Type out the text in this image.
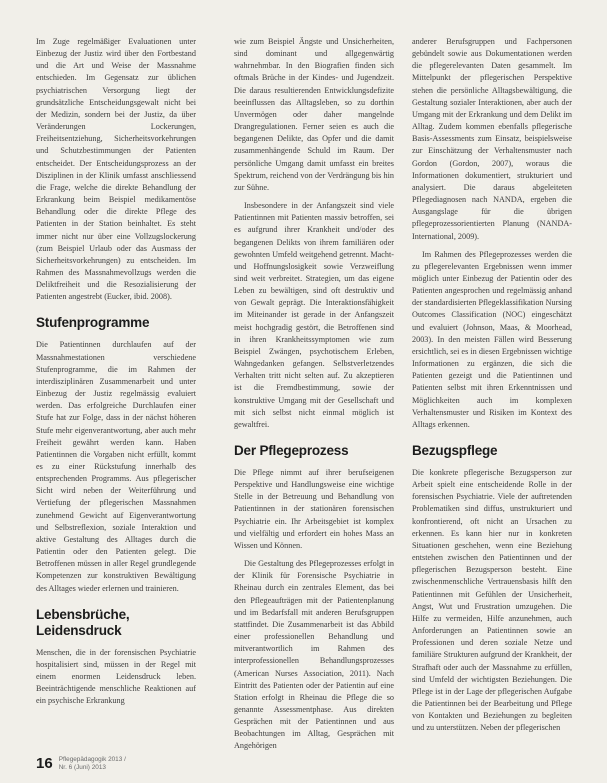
Im Zuge regelmäßiger Evaluationen unter Einbezug der Justiz wird über den Fortbestand und die Art und Weise der Massnahme entschieden. Im Gegensatz zur üblichen psychiatrischen Versorgung liegt der grundsätzliche Entscheidungsgewalt nicht bei der Medizin, sondern bei der Justiz, da über Veränderungen Lockerungen, Freiheitsentziehung, Sicherheitsvorkehrungen und Schutzbestimmungen der Patienten entscheidet. Der Entscheidungsprozess an der Disziplinen in der Klinik umfasst anschliessend die Frage, welche die direkte Behandlung der Erkrankung beim Beispiel medikamentöse Behandlung oder die direkte Pflege des Patienten in der Station beinhaltet. Es steht immer nicht nur über eine Vollzugslockerung (zum Beispiel Urlaub oder das Ausmass der Sicherheitsvorkehrungen) zu entscheiden. Im Rahmen des Massnahmevollzugs werden die Deliktfreiheit und die Resozialisierung der Patienten angestrebt (Eucker, ibid. 2008).

Stufenprogramme

Die Patientinnen durchlaufen auf der Massnahmestationen verschiedene Stufenprogramme, die im Rahmen der interdisziplinären Zusammenarbeit und unter Einbezug der Justiz regelmässig evaluiert werden. Das erfolgreiche Durchlaufen einer Stufe hat zur Folge, dass in der nächst höheren Stufe mehr eigenverantwortung, aber auch mehr Freiheit gewährt werden kann. Haben Patientinnen die Vorgaben nicht erfüllt, kommt es zu einer Rückstufung innerhalb des entsprechenden Programms. Aus pflegerischer Sicht wird neben der Weiterführung und Vertiefung der pflegerischen Massnahmen zunehmend Gewicht auf Eigenverantwortung und Selbstreflexion, soziale Interaktion und aktive Gestaltung des Alltages durch die Patientin oder den Patienten gelegt. Die Betroffenen müssen in aller Regel grundlegende Kompetenzen zur konstruktiven Bewältigung des Alltages wieder erlernen und trainieren.

Lebensbrüche, Leidensdruck

Menschen, die in der forensischen Psychiatrie hospitalisiert sind, müssen in der Regel mit einem enormen Leidensdruck leben. Beeinträchtigende menschliche Reaktionen auf ein psychische Erkrankung

wie zum Beispiel Ängste und Unsicherheiten, sind dominant und allgegenwärtig wahrnehmbar. In den Biografien finden sich oftmals Brüche in der Kindes- und Jugendzeit. Die daraus resultierenden Entwicklungsdefizite beeinflussen das Alltagsleben, so zu dorthin Unvermögen oder daher mangelnde Drangregulationen. Ferner seien es auch die begangenen Delikte, das Opfer und die damit zusammenhängende Schuld im Raum. Der persönliche Umgang damit umfasst ein breites Spektrum, reichend von der Verdrängung bis hin zur Sühne.

Insbesondere in der Anfangszeit sind viele Patientinnen mit Patienten massiv betroffen, sei es aufgrund ihrer Krankheit und/oder des begangenen Delikts von ihrem familiären oder gewohnten Umfeld weitgehend getrennt. Macht- und Hoffnungslosigkeit sowie Verzweiflung sind weit verbreitet. Strategien, um das eigene Leben zu bewältigen, sind oft destruktiv und von Gewalt geprägt. Die Interaktionsfähigkeit im Miteinander ist gerade in der Anfangszeit meist hochgradig gestört, die Betroffenen sind in ihren Krankheitssymptomen wie zum Beispiel Zwängen, psychotischem Erleben, Wahngedanken gefangen. Selbstverletzendes Verhalten tritt nicht selten auf. Zu akzeptieren ist die Fremdbestimmung, sowie der konstruktive Umgang mit der Gesellschaft und mit sich selbst nicht einmal möglich ist gewaltfrei.

Der Pflegeprozess

Die Pflege nimmt auf ihrer berufseigenen Perspektive und Handlungsweise eine wichtige Stelle in der Betreuung und Behandlung von Patientinnen in der stationären forensischen Psychiatrie ein. Ihr Arbeitsgebiet ist komplex und vielfältig und erfordert ein hohes Mass an Wissen und Können.

Die Gestaltung des Pflegeprozesses erfolgt in der Klinik für Forensische Psychiatrie in Rheinau durch ein zentrales Element, das bei den Pflegeaufträgen mit der Patientenplanung und im Bedarfsfall mit anderen Berufsgruppen stattfindet. Die Zusammenarbeit ist das Abbild einer professionellen Behandlung und mitverantwortlich im Rahmen des interprofessionellen Behandlungsprozesses (American Nurses Association, 2011). Nach Eintritt des Patienten oder der Patientin auf eine Station erfolgt in Rheinau die Pflege die so genannte Assessmentphase. Aus direkten Gesprächen mit der Patientinnen und aus Beobachtungen im Alltag, Gesprächen mit Angehörigen

anderer Berufsgruppen und Fachpersonen gebündelt sowie aus Dokumentationen werden die pflegerelevanten Daten gesammelt. Im Mittelpunkt der pflegerischen Perspektive stehen die persönliche Alltagsbewältigung, die Gestaltung sozialer Interaktionen, aber auch der Umgang mit der Erkrankung und dem Delikt im Alltag. Zudem kommen ebenfalls pflegerische Basis-Assessments zum Einsatz, beispielsweise zur Einschätzung der Verhaltensmuster nach Gordon (Gordon, 2007), woraus die Informationen dokumentiert, strukturiert und analysiert. Die daraus abgeleiteten Pflegediagnosen nach NANDA, ergeben die Ausgangslage für die übrigen pflegeprozessorientierten Planung (NANDA-International, 2009).

Im Rahmen des Pflegeprozesses werden die zu pflegerelevanten Ergebnissen wenn immer möglich unter Einbezug der Patientin oder des Patienten angesprochen und regelmässig anhand der standardisierten Pflegeklassifikation Nursing Outcomes Classification (NOC) eingeschätzt und evaluiert (Johnson, Maas, & Moorhead, 2003). In den meisten Fällen wird Besserung ersichtlich, sei es in diesen Ergebnissen wichtige Informationen zu ergänzen, die sich die Patienten gezeigt und die Patientinnen und Patienten selbst mit ihren Erkenntnissen und Möglichkeiten auch im komplexen Verhaltensmuster und Risiken im Kontext des Alltags erkennen.

Bezugspflege

Die konkrete pflegerische Bezugsperson zur Arbeit spielt eine entscheidende Rolle in der forensischen Psychiatrie. Viele der auftretenden Problematiken sind diffus, unstrukturiert und konfrontierend, oft nicht an Ursachen zu erkennen. Es kann hier nur in konkreten Situationen geschehen, wenn eine Beziehung entstehen zwischen den Patientinnen und der pflegerischen Bezugsperson besteht. Eine zwischenmenschliche Vertrauensbasis hilft den Patientinnen mit Gefühlen der Unsicherheit, Angst, Wut und Frustration umzugehen. Die Hilfe zu vermeiden, Hilfe anzunehmen, auch Anforderungen an Patientinnen sowie an Professionen und deren soziale Netze und familiäre Strukturen aufgrund der Krankheit, der Strafhaft oder auch der Massnahme zu erfüllen, sind Umfeld der wichtigsten Beziehungen. Die Pflege ist in der Lage der pflegerischen Aufgabe die Patientinnen bei der Bearbeitung und Pflege von Kontakten und Beziehungen zu begleiten und zu unterstützen. Neben der pflegerischen

16 Pflegepädagogik 2013 /
Nr. 6 (Juni) 2013
